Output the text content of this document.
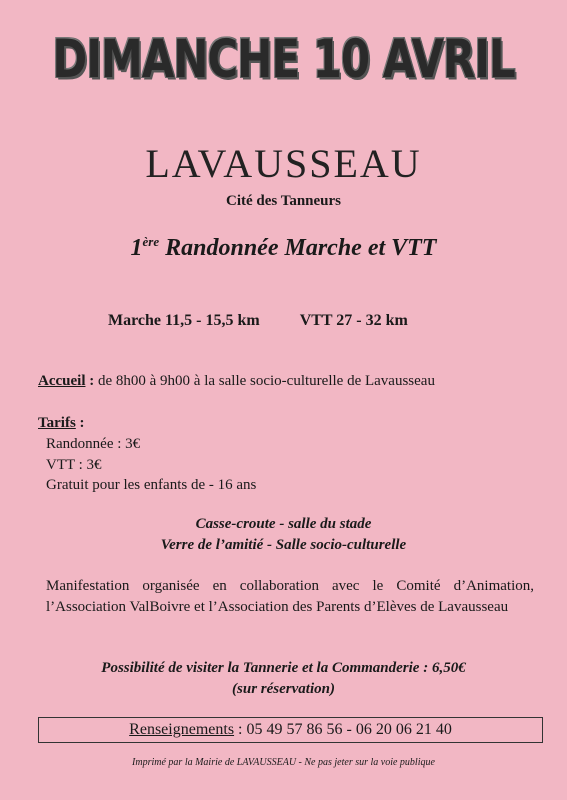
DIMANCHE 10 AVRIL
LAVAUSSEAU
Cité des Tanneurs
1ère Randonnée Marche et VTT
Marche 11,5 - 15,5 km	VTT 27 - 32 km
Accueil : de 8h00 à 9h00 à la salle socio-culturelle de Lavausseau
Tarifs :
Randonnée : 3€
VTT : 3€
Gratuit pour les enfants de - 16 ans
Casse-croute - salle du stade
Verre de l’amitié - Salle socio-culturelle
Manifestation organisée en collaboration avec le Comité d’Animation, l’Association ValBoivre et l’Association des Parents d’Elèves de Lavausseau
Possibilité de visiter la Tannerie et la Commanderie : 6,50€
(sur réservation)
Renseignements : 05 49 57 86 56 - 06 20 06 21 40
Imprimé par la Mairie de LAVAUSSEAU - Ne pas jeter sur la voie publique
